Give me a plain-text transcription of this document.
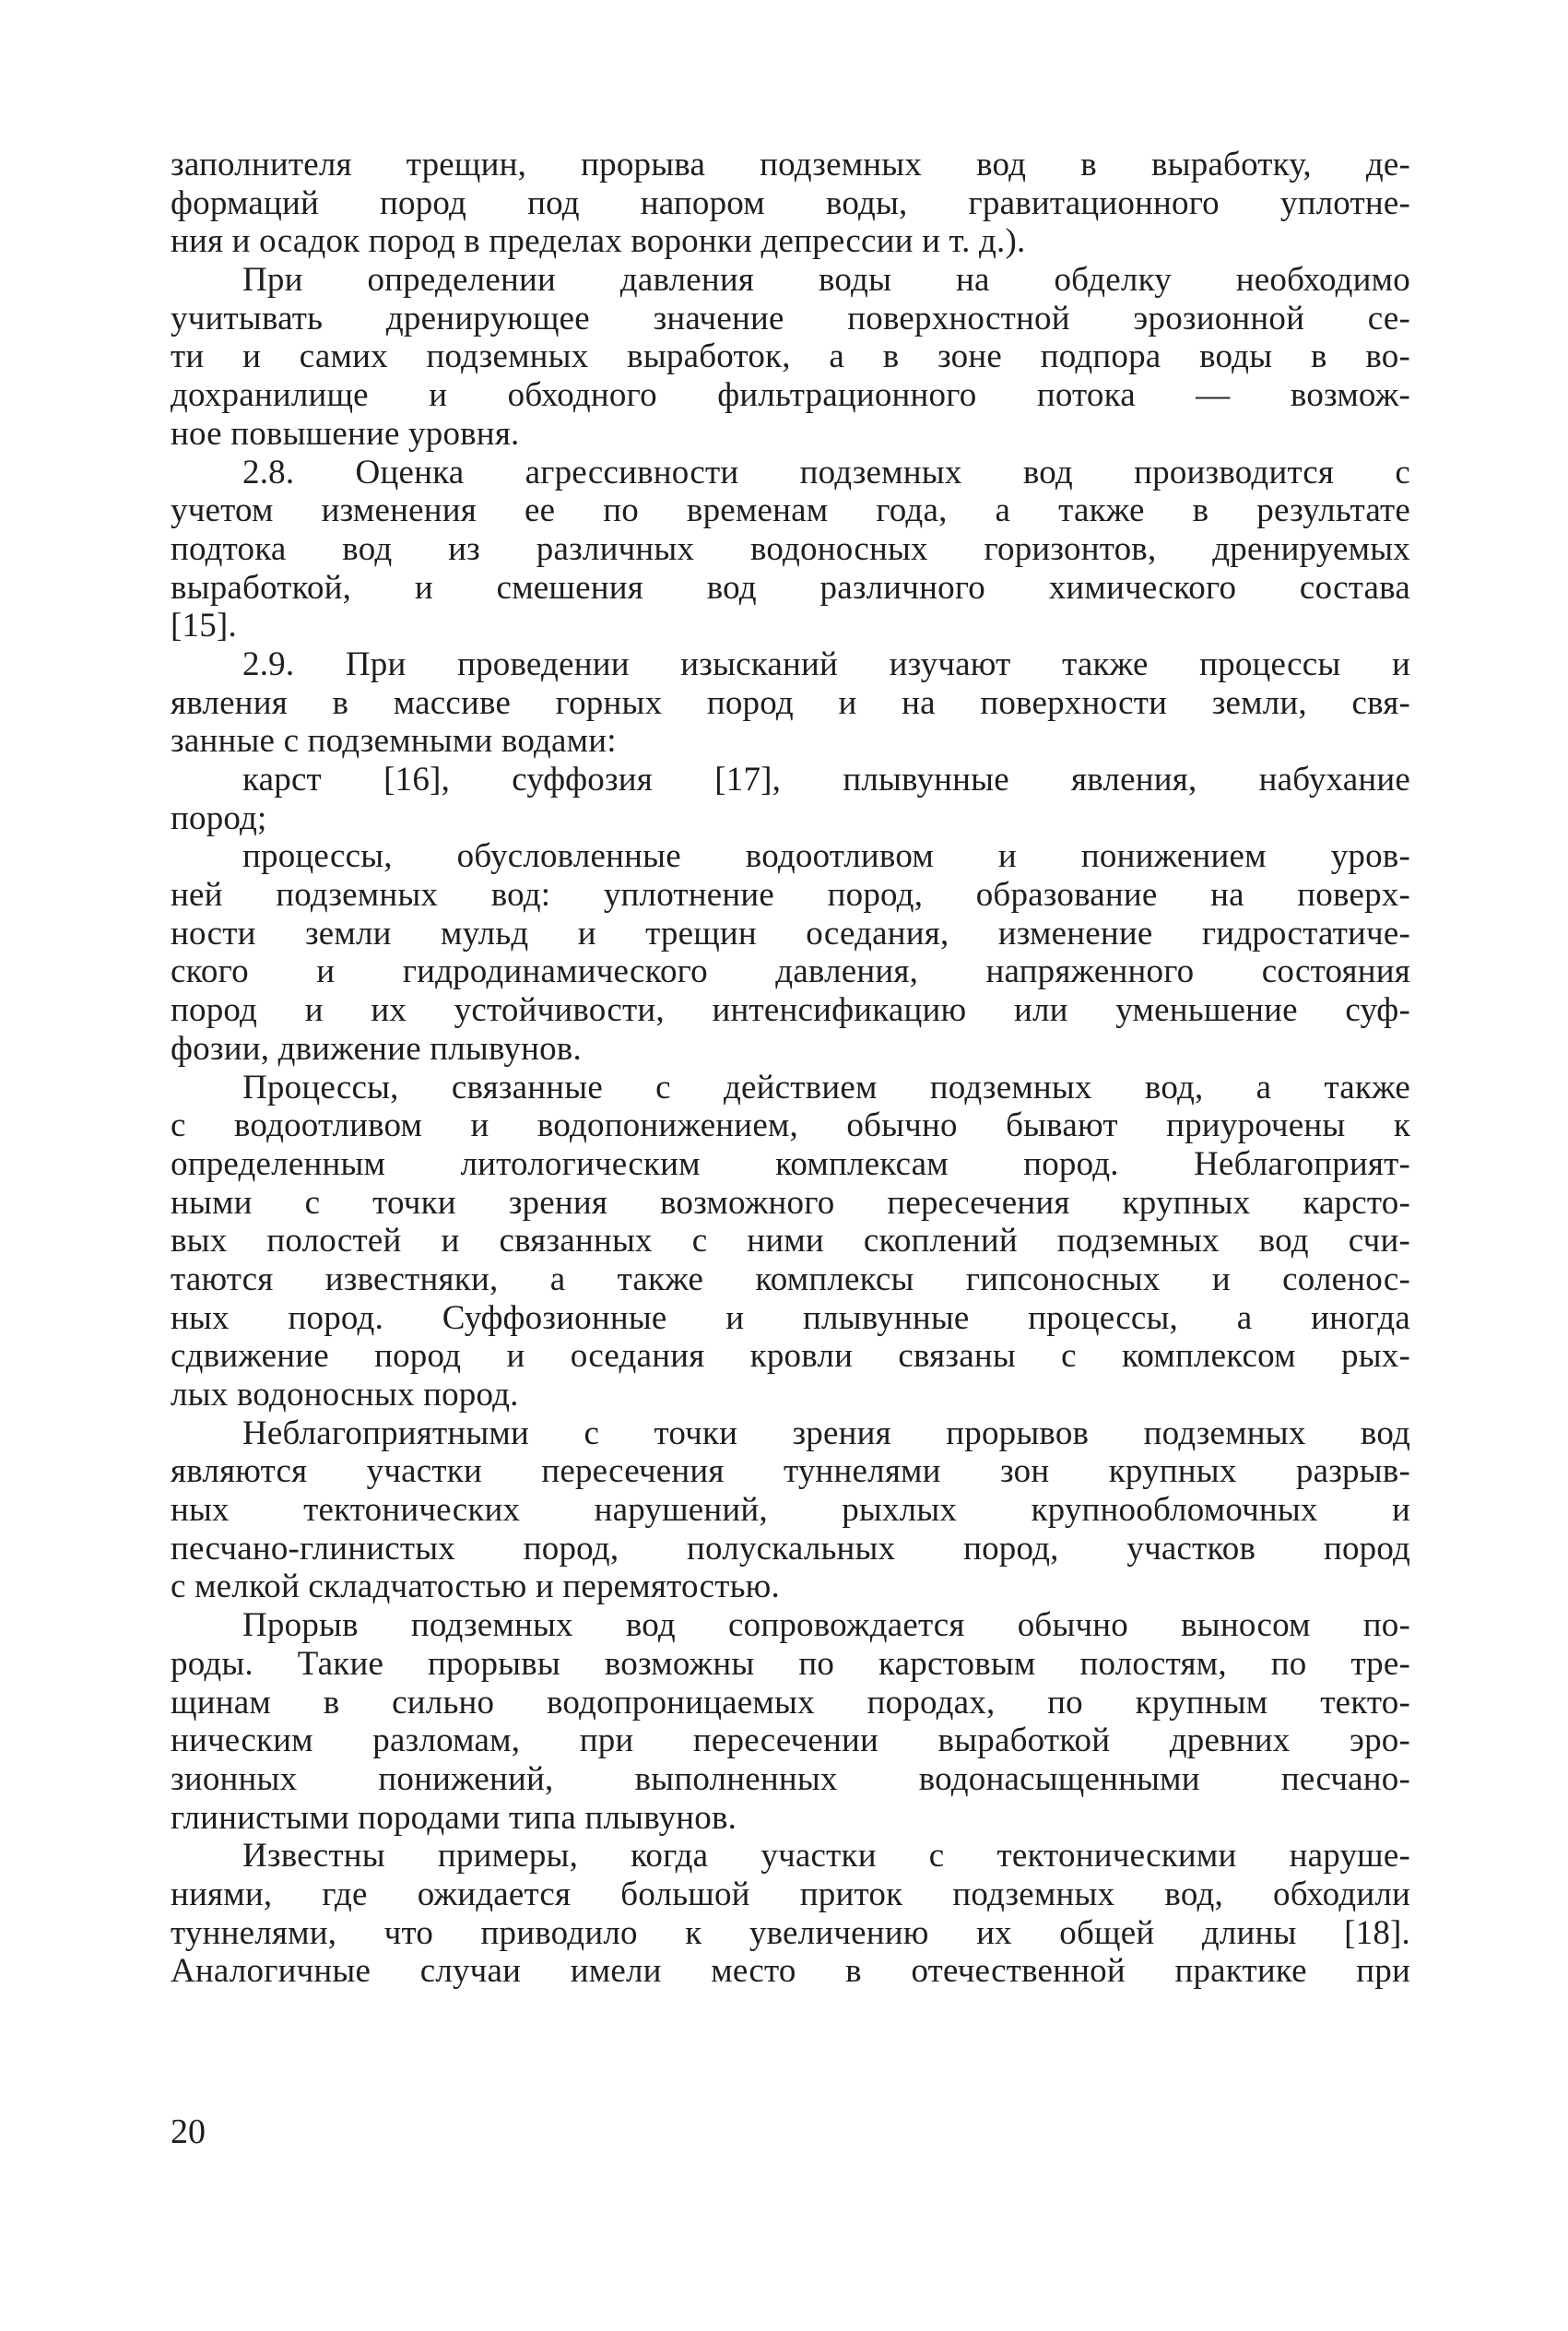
заполнителя трещин, прорыва подземных вод в выработку, де-
формаций пород под напором воды, гравитационного уплотне-
ния и осадок пород в пределах воронки депрессии и т. д.).
При определении давления воды на обделку необходимо
учитывать дренирующее значение поверхностной эрозионной се-
ти и самих подземных выработок, а в зоне подпора воды в во-
дохранилище и обходного фильтрационного потока — возмож-
ное повышение уровня.
2.8. Оценка агрессивности подземных вод производится с
учетом изменения ее по временам года, а также в результате
подтока вод из различных водоносных горизонтов, дренируемых
выработкой, и смешения вод различного химического состава
[15].
2.9. При проведении изысканий изучают также процессы и
явления в массиве горных пород и на поверхности земли, свя-
занные с подземными водами:
карст [16], суффозия [17], плывунные явления, набухание
пород;
процессы, обусловленные водоотливом и понижением уров-
ней подземных вод: уплотнение пород, образование на поверх-
ности земли мульд и трещин оседания, изменение гидростатиче-
ского и гидродинамического давления, напряженного состояния
пород и их устойчивости, интенсификацию или уменьшение суф-
фозии, движение плывунов.
Процессы, связанные с действием подземных вод, а также
с водоотливом и водопонижением, обычно бывают приурочены к
определенным литологическим комплексам пород. Неблагоприят-
ными с точки зрения возможного пересечения крупных карсто-
вых полостей и связанных с ними скоплений подземных вод счи-
таются известняки, а также комплексы гипсоносных и соленос-
ных пород. Суффозионные и плывунные процессы, а иногда
сдвижение пород и оседания кровли связаны с комплексом рых-
лых водоносных пород.
Неблагоприятными с точки зрения прорывов подземных вод
являются участки пересечения туннелями зон крупных разрыв-
ных тектонических нарушений, рыхлых крупнообломочных и
песчано-глинистых пород, полускальных пород, участков пород
с мелкой складчатостью и перемятостью.
Прорыв подземных вод сопровождается обычно выносом по-
роды. Такие прорывы возможны по карстовым полостям, по тре-
щинам в сильно водопроницаемых породах, по крупным текто-
ническим разломам, при пересечении выработкой древних эро-
зионных понижений, выполненных водонасыщенными песчано-
глинистыми породами типа плывунов.
Известны примеры, когда участки с тектоническими наруше-
ниями, где ожидается большой приток подземных вод, обходили
туннелями, что приводило к увеличению их общей длины [18].
Аналогичные случаи имели место в отечественной практике при
20
